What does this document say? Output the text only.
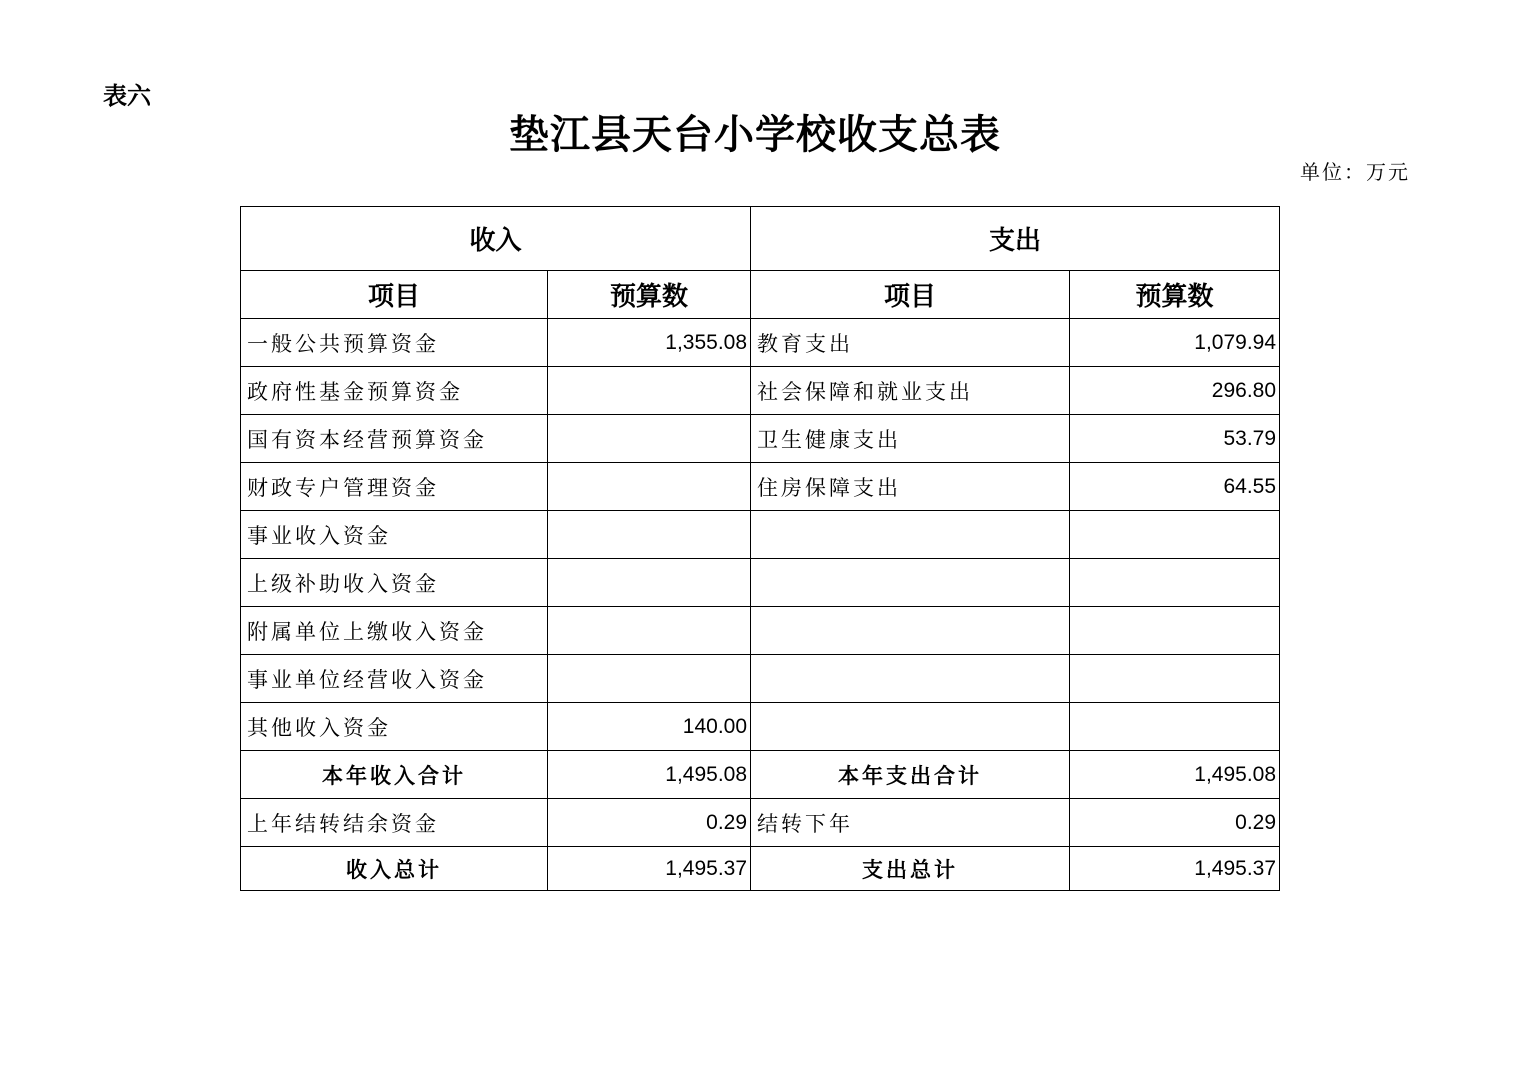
表六
垫江县天台小学校收支总表
单位：万元
收入		支出	
项目	预算数	项目	预算数
一般公共预算资金	1,355.08	教育支出	1,079.94
政府性基金预算资金		社会保障和就业支出	296.80
国有资本经营预算资金		卫生健康支出	53.79
财政专户管理资金		住房保障支出	64.55
事业收入资金			
上级补助收入资金			
附属单位上缴收入资金			
事业单位经营收入资金			
其他收入资金	140.00		
本年收入合计	1,495.08	本年支出合计	1,495.08
上年结转结余资金	0.29	结转下年	0.29
收入总计	1,495.37	支出总计	1,495.37
